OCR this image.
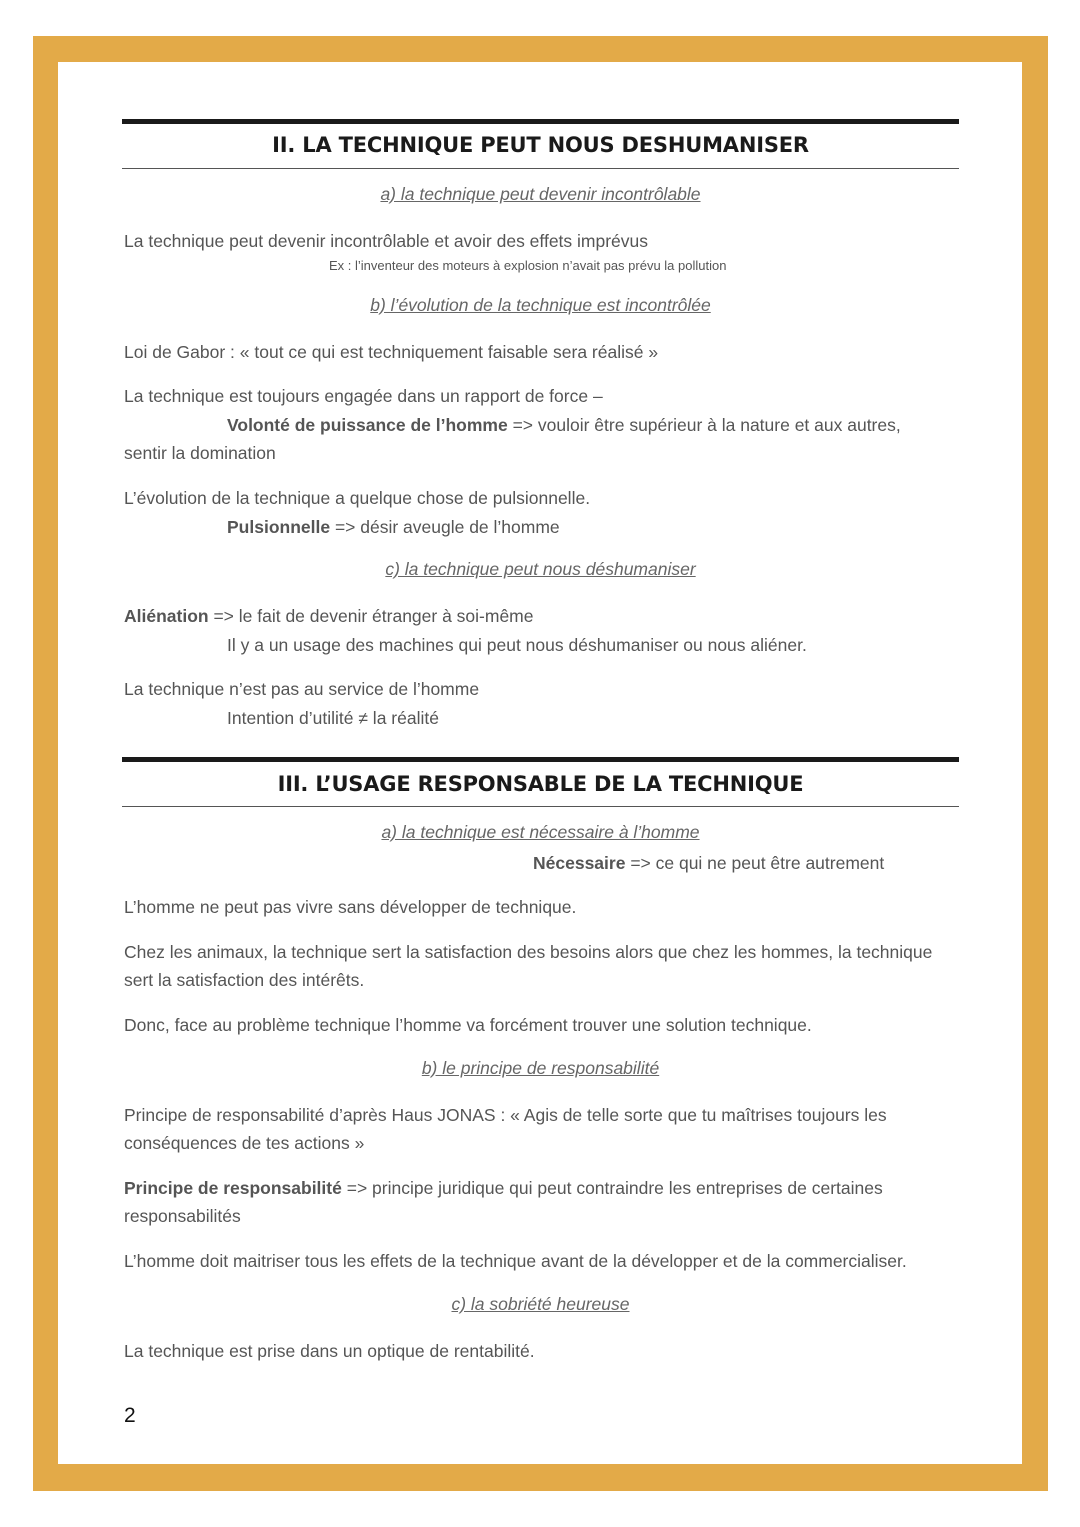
II. LA TECHNIQUE PEUT NOUS DESHUMANISER
a) la technique peut devenir incontrôlable
La technique peut devenir incontrôlable et avoir des effets imprévus
Ex : l’inventeur des moteurs à explosion n’avait pas prévu la pollution
b) l’évolution de la technique est incontrôlée
Loi de Gabor : « tout ce qui est techniquement faisable sera réalisé »
La technique est toujours engagée dans un rapport de force –
Volonté de puissance de l’homme => vouloir être supérieur à la nature et aux autres,
sentir la domination
L’évolution de la technique a quelque chose de pulsionnelle.
Pulsionnelle => désir aveugle de l’homme
c) la technique peut nous déshumaniser
Aliénation => le fait de devenir étranger à soi-même
Il y a un usage des machines qui peut nous déshumaniser ou nous aliéner.
La technique n’est pas au service de l’homme
Intention d’utilité ≠ la réalité
III. L’USAGE RESPONSABLE DE LA TECHNIQUE
a) la technique est nécessaire à l’homme
Nécessaire => ce qui ne peut être autrement
L’homme ne peut pas vivre sans développer de technique.
Chez les animaux, la technique sert la satisfaction des besoins alors que chez les hommes, la technique sert la satisfaction des intérêts.
Donc, face au problème technique l’homme va forcément trouver une solution technique.
b) le principe de responsabilité
Principe de responsabilité d’après Haus JONAS : « Agis de telle sorte que tu maîtrises toujours les conséquences de tes actions »
Principe de responsabilité => principe juridique qui peut contraindre les entreprises de certaines responsabilités
L’homme doit maitriser tous les effets de la technique avant de la développer et de la commercialiser.
c) la sobriété heureuse
La technique est prise dans un optique de rentabilité.
2
